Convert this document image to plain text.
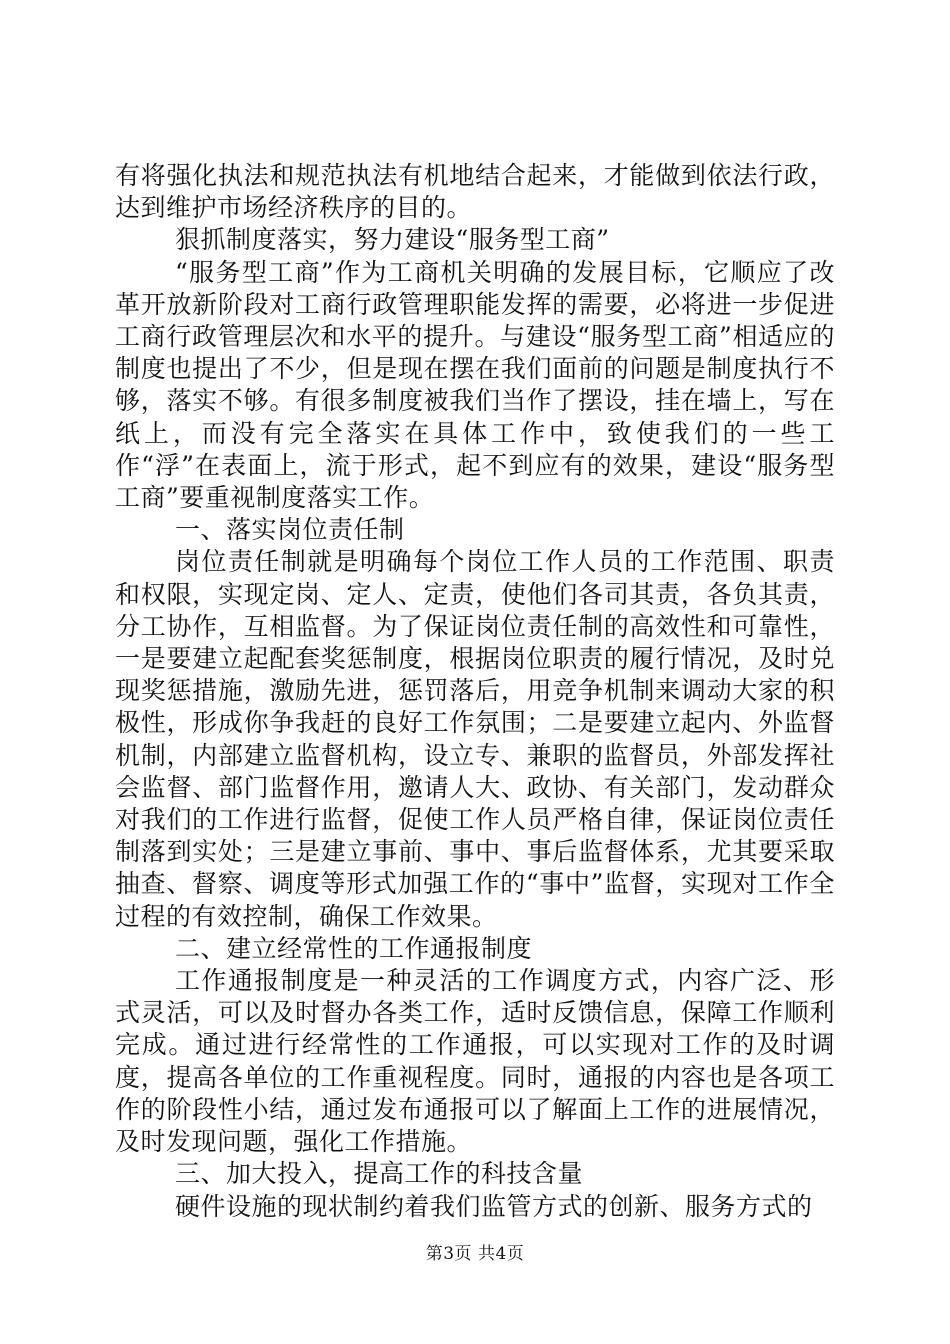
有将强化执法和规范执法有机地结合起来，才能做到依法行政，达到维护市场经济秩序的目的。

狠抓制度落实，努力建设“服务型工商”

“服务型工商”作为工商机关明确的发展目标，它顺应了改革开放新阶段对工商行政管理职能发挥的需要，必将进一步促进工商行政管理层次和水平的提升。与建设“服务型工商”相适应的制度也提出了不少，但是现在摆在我们面前的问题是制度执行不够，落实不够。有很多制度被我们当作了摆设，挂在墙上，写在纸上，而没有完全落实在具体工作中，致使我们的一些工作“浮”在表面上，流于形式，起不到应有的效果，建设“服务型工商”要重视制度落实工作。

一、落实岗位责任制

岗位责任制就是明确每个岗位工作人员的工作范围、职责和权限，实现定岗、定人、定责，使他们各司其责，各负其责，分工协作，互相监督。为了保证岗位责任制的高效性和可靠性，一是要建立起配套奖惩制度，根据岗位职责的履行情况，及时兑现奖惩措施，激励先进，惩罚落后，用竞争机制来调动大家的积极性，形成你争我赶的良好工作氛围；二是要建立起内、外监督机制，内部建立监督机构，设立专、兼职的监督员，外部发挥社会监督、部门监督作用，邀请人大、政协、有关部门，发动群众对我们的工作进行监督，促使工作人员严格自律，保证岗位责任制落到实处；三是建立事前、事中、事后监督体系，尤其要采取抽查、督察、调度等形式加强工作的“事中”监督，实现对工作全过程的有效控制，确保工作效果。

二、建立经常性的工作通报制度

工作通报制度是一种灵活的工作调度方式，内容广泛、形式灵活，可以及时督办各类工作，适时反馈信息，保障工作顺利完成。通过进行经常性的工作通报，可以实现对工作的及时调度，提高各单位的工作重视程度。同时，通报的内容也是各项工作的阶段性小结，通过发布通报可以了解面上工作的进展情况，及时发现问题，强化工作措施。

三、加大投入，提高工作的科技含量

硬件设施的现状制约着我们监管方式的创新、服务方式的

第3页 共4页
